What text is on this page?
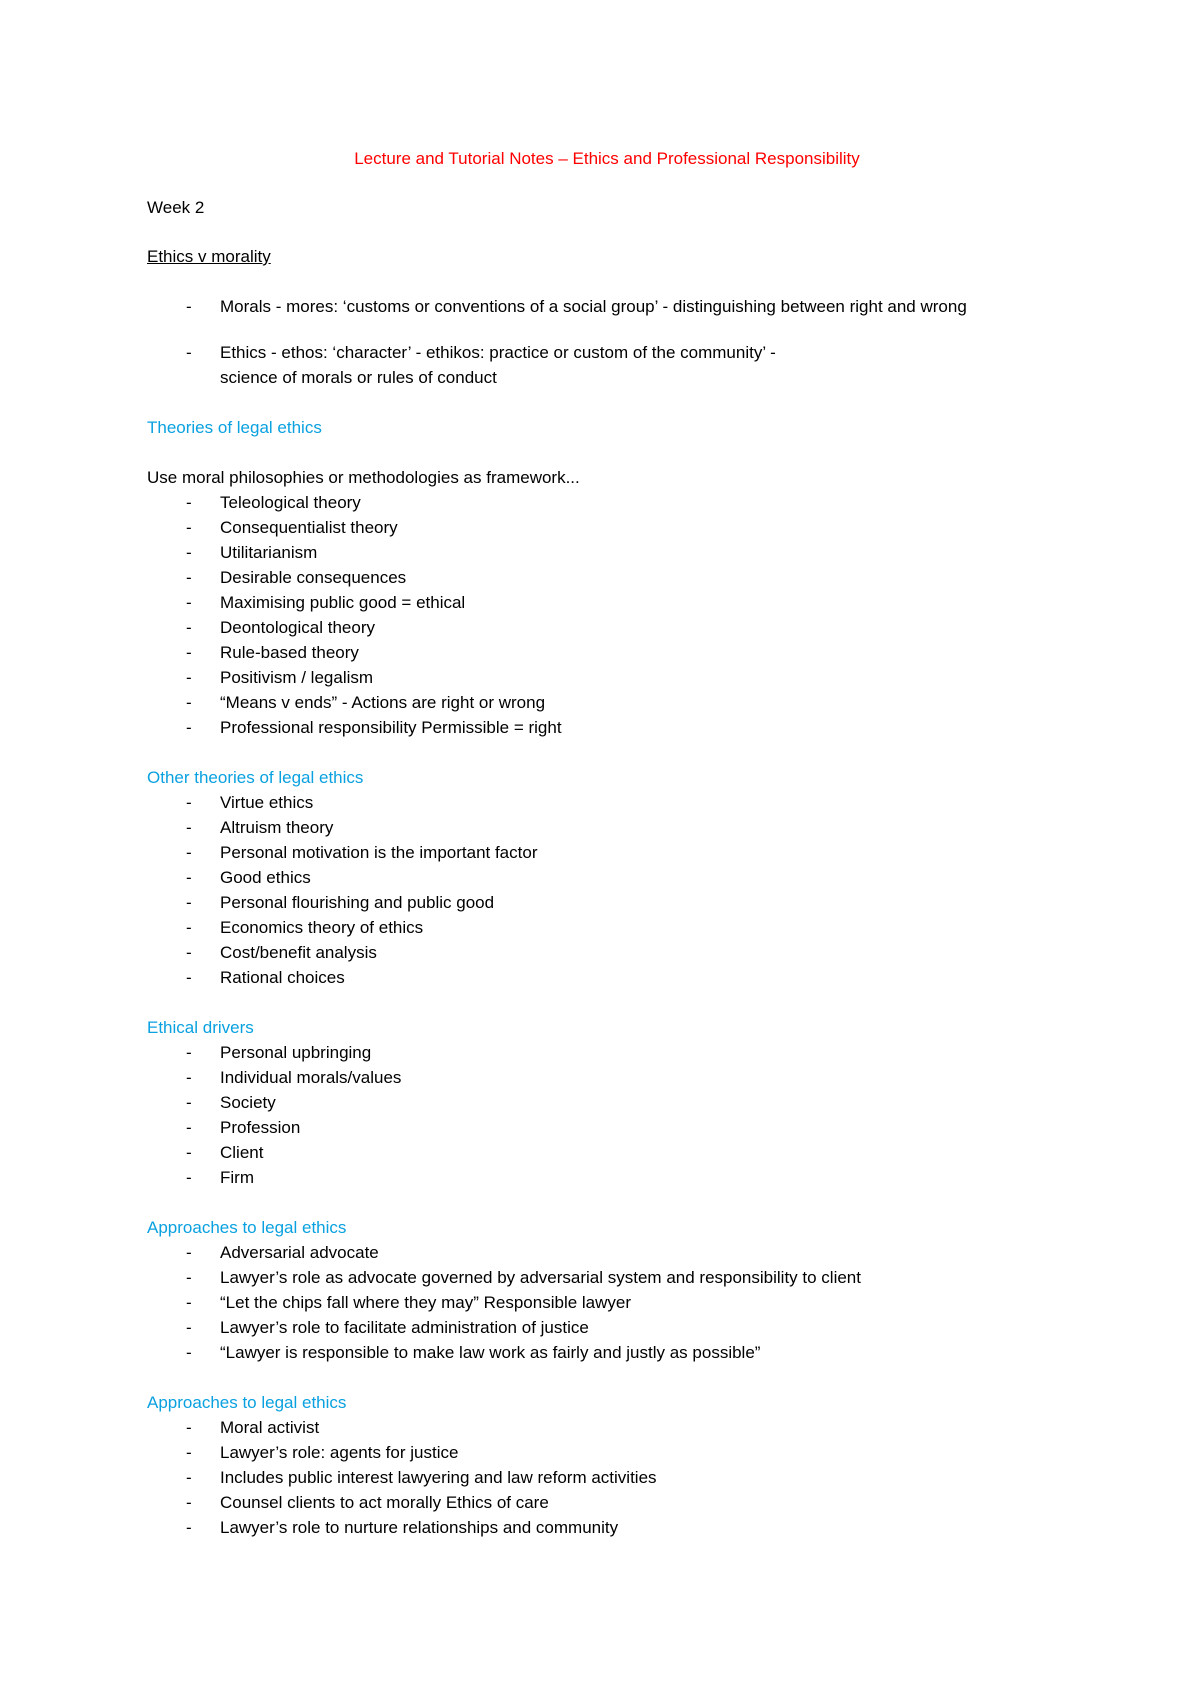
Lecture and Tutorial Notes – Ethics and Professional Responsibility

Week 2

Ethics v morality

- Morals - mores: ‘customs or conventions of a social group’ - distinguishing between right and wrong
- Ethics - ethos: ‘character’ - ethikos: practice or custom of the community’ -
science of morals or rules of conduct

Theories of legal ethics

Use moral philosophies or methodologies as framework...

- Teleological theory
- Consequentialist theory
- Utilitarianism
- Desirable consequences
- Maximising public good = ethical
- Deontological theory
- Rule-based theory
- Positivism / legalism
- “Means v ends” - Actions are right or wrong
- Professional responsibility Permissible = right

Other theories of legal ethics

- Virtue ethics
- Altruism theory
- Personal motivation is the important factor
- Good ethics
- Personal flourishing and public good
- Economics theory of ethics
- Cost/benefit analysis
- Rational choices

Ethical drivers

- Personal upbringing
- Individual morals/values
- Society
- Profession
- Client
- Firm

Approaches to legal ethics

- Adversarial advocate
- Lawyer’s role as advocate governed by adversarial system and responsibility to client
- “Let the chips fall where they may” Responsible lawyer
- Lawyer’s role to facilitate administration of justice
- “Lawyer is responsible to make law work as fairly and justly as possible”

Approaches to legal ethics

- Moral activist
- Lawyer’s role: agents for justice
- Includes public interest lawyering and law reform activities
- Counsel clients to act morally Ethics of care
- Lawyer’s role to nurture relationships and community
